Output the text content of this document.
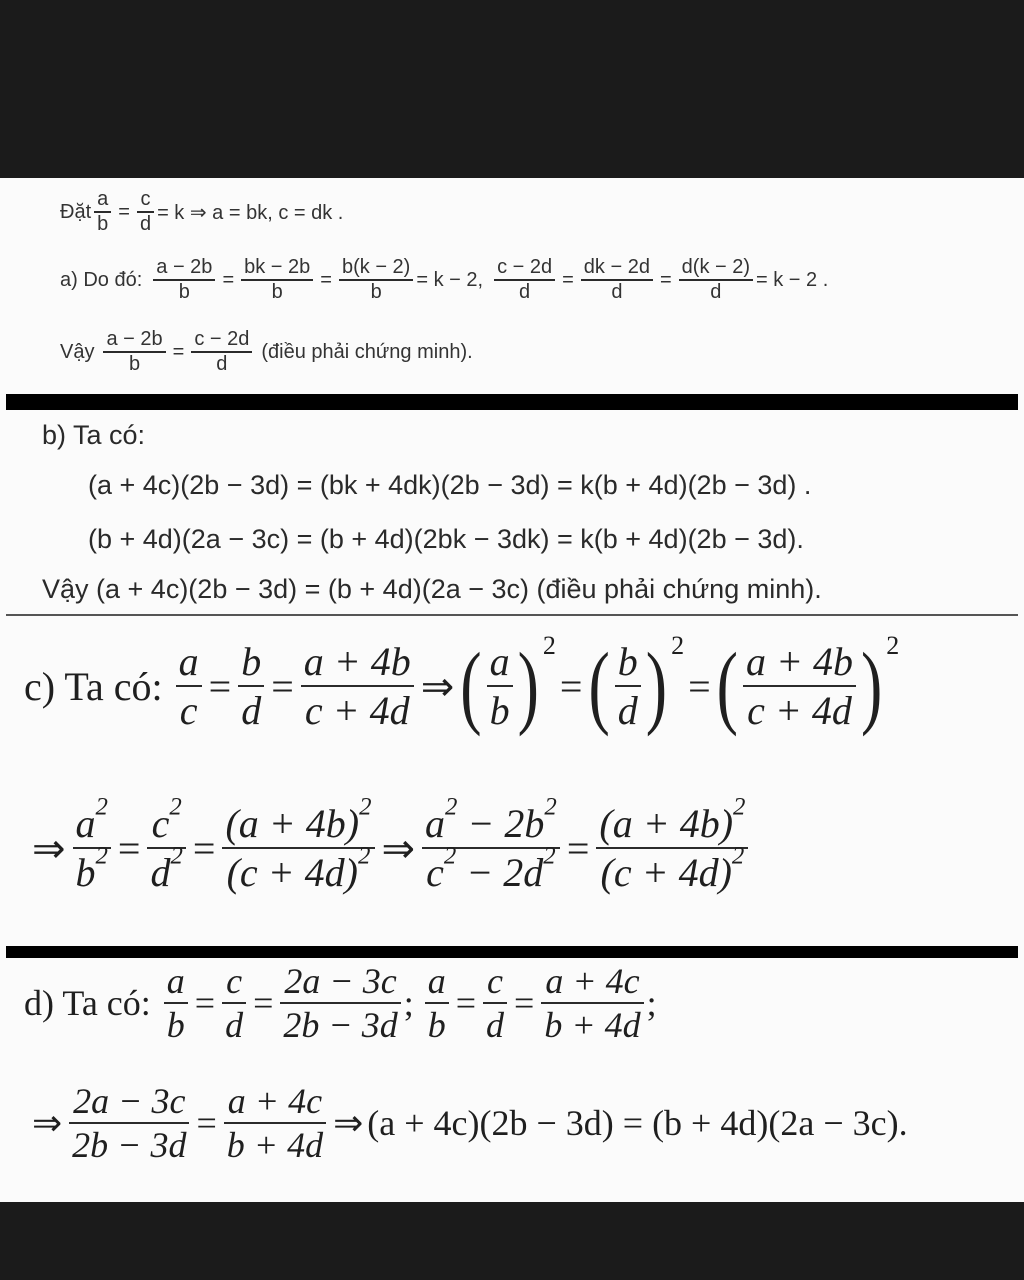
Đặt $\frac{a}{b} = \frac{c}{d} = k$ ⇒ a = bk, c = dk .
a) Do đó: $\frac{a - 2b}{b} = \frac{bk - 2b}{b} = \frac{b(k - 2)}{b} = k - 2$, $\frac{c - 2d}{d} = \frac{dk - 2d}{d} = \frac{d(k - 2)}{d} = k - 2$ .
Vậy $\frac{a - 2b}{b} = \frac{c - 2d}{d}$ (điều phải chứng minh).
b) Ta có:
(a + 4c)(2b − 3d) = (bk + 4dk)(2b − 3d) = k(b + 4d)(2b − 3d) .
(b + 4d)(2a − 3c) = (b + 4d)(2bk − 3dk) = k(b + 4d)(2b − 3d).
Vậy (a + 4c)(2b − 3d) = (b + 4d)(2a − 3c) (điều phải chứng minh).
c) Ta có: $\frac{a}{c} = \frac{b}{d} = \frac{a + 4b}{c + 4d}$ ⇒ ( $\frac{a}{b}$ ) 2
= ( $\frac{b}{d}$ ) 2
= ( $\frac{a + 4b}{c + 4d}$ ) 2
⇒ $\frac{a^2}{b^2} = \frac{c^2}{d^2} = \frac{(a + 4b)^2}{(c + 4d)^2}$ ⇒ $\frac{a^2 - 2b^2}{c^2 - 2d^2} = \frac{(a + 4b)^2}{(c + 4d)^2}$
d) Ta có: $\frac{a}{b} = \frac{c}{d} = \frac{2a - 3c}{2b - 3d}$ ; $\frac{a}{b} = \frac{c}{d} = \frac{a + 4c}{b + 4d}$ ;
⇒ $\frac{2a - 3c}{2b - 3d} = \frac{a + 4c}{b + 4d}$ ⇒ (a + 4c)(2b − 3d) = (b + 4d)(2a − 3c).
